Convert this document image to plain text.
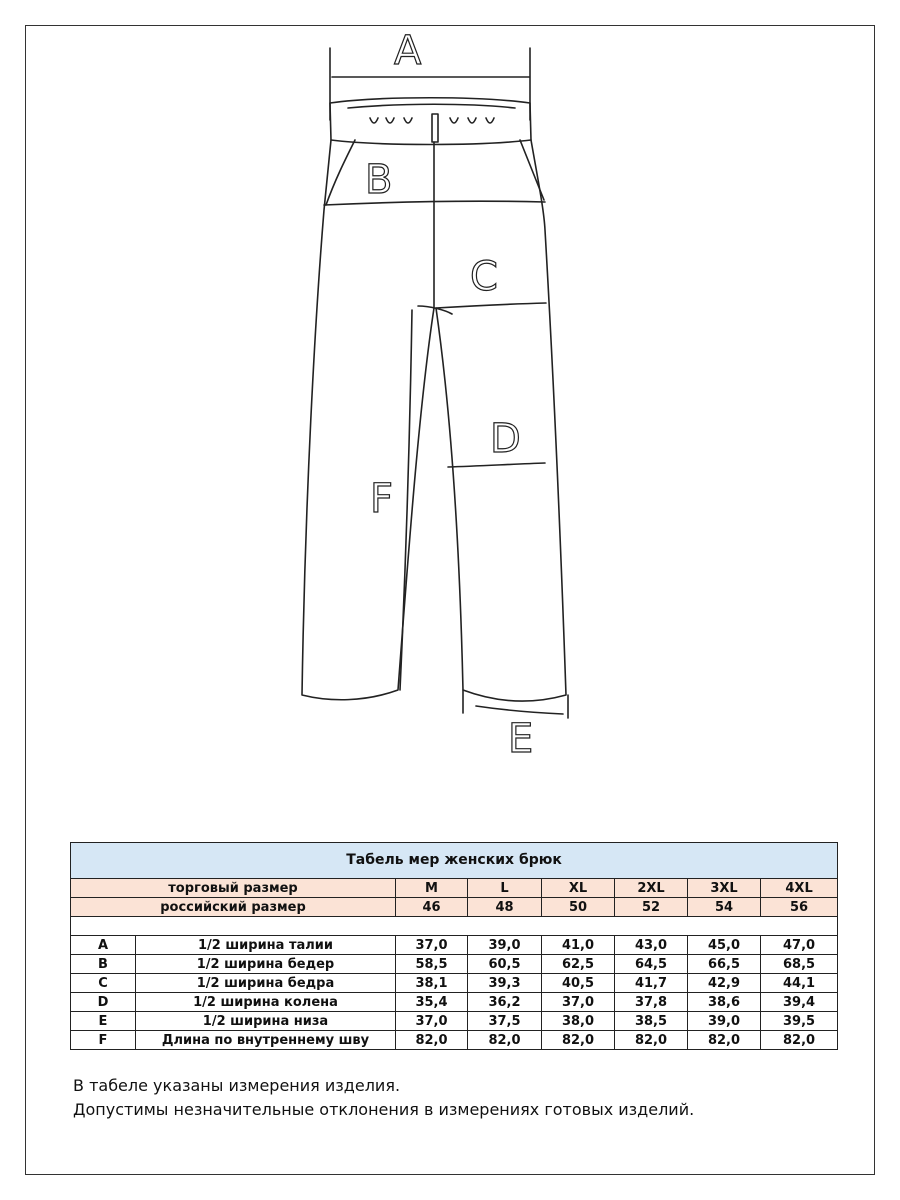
A
B
C
D
F
E
Табель мер женских брюк							
торговый размер		M	L	XL	2XL	3XL	4XL
российский размер		46	48	50	52	54	56

A	1/2 ширина талии	37,0	39,0	41,0	43,0	45,0	47,0
B	1/2 ширина бедер	58,5	60,5	62,5	64,5	66,5	68,5
C	1/2 ширина бедра	38,1	39,3	40,5	41,7	42,9	44,1
D	1/2 ширина колена	35,4	36,2	37,0	37,8	38,6	39,4
E	1/2 ширина низа	37,0	37,5	38,0	38,5	39,0	39,5
F	Длина по внутреннему шву	82,0	82,0	82,0	82,0	82,0	82,0
В табеле указаны измерения изделия.
Допустимы незначительные отклонения в измерениях готовых изделий.
